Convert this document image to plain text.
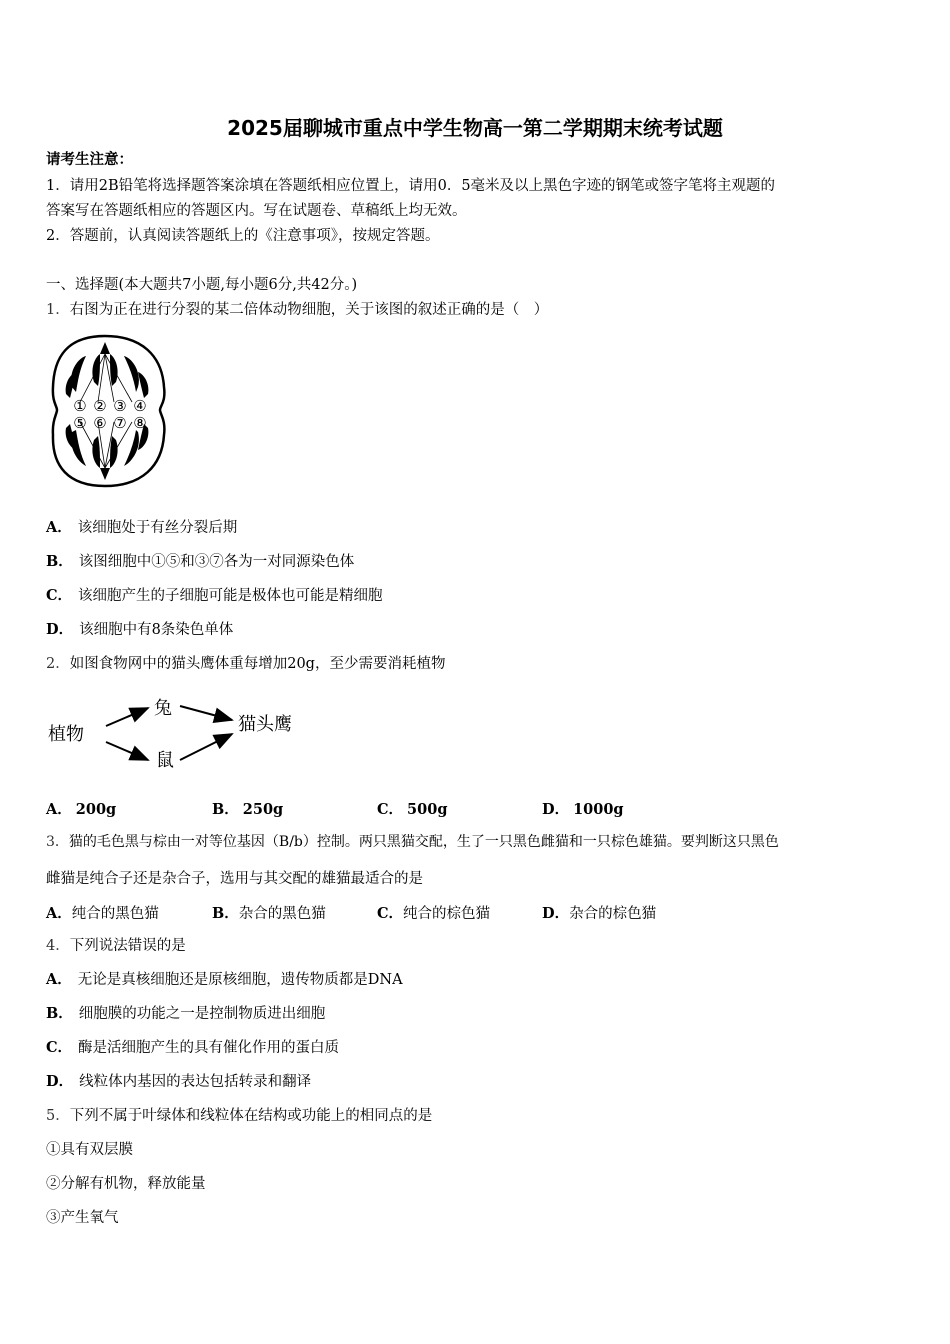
2025届聊城市重点中学生物高一第二学期期末统考试题
请考生注意：
1．请用2B铅笔将选择题答案涂填在答题纸相应位置上，请用0．5毫米及以上黑色字迹的钢笔或签字笔将主观题的
答案写在答题纸相应的答题区内。写在试题卷、草稿纸上均无效。
2．答题前，认真阅读答题纸上的《注意事项》，按规定答题。
一、选择题(本大题共7小题,每小题6分,共42分。)
1．右图为正在进行分裂的某二倍体动物细胞，关于该图的叙述正确的是（　）
① ② ③ ④
⑤ ⑥ ⑦ ⑧
A． 该细胞处于有丝分裂后期
B． 该图细胞中①⑤和③⑦各为一对同源染色体
C． 该细胞产生的子细胞可能是极体也可能是精细胞
D． 该细胞中有8条染色单体
2．如图食物网中的猫头鹰体重每增加20g，至少需要消耗植物
植物
兔
鼠
猫头鹰
A． 200g	B． 250g	C． 500g	D． 1000g
3．猫的毛色黑与棕由一对等位基因（B/b）控制。两只黑猫交配，生了一只黑色雌猫和一只棕色雄猫。要判断这只黑色
雌猫是纯合子还是杂合子，选用与其交配的雄猫最适合的是
A．纯合的黑色猫	B．杂合的黑色猫	C．纯合的棕色猫	D．杂合的棕色猫
4．下列说法错误的是
A． 无论是真核细胞还是原核细胞，遗传物质都是DNA
B． 细胞膜的功能之一是控制物质进出细胞
C． 酶是活细胞产生的具有催化作用的蛋白质
D． 线粒体内基因的表达包括转录和翻译
5．下列不属于叶绿体和线粒体在结构或功能上的相同点的是
①具有双层膜
②分解有机物，释放能量
③产生氧气
